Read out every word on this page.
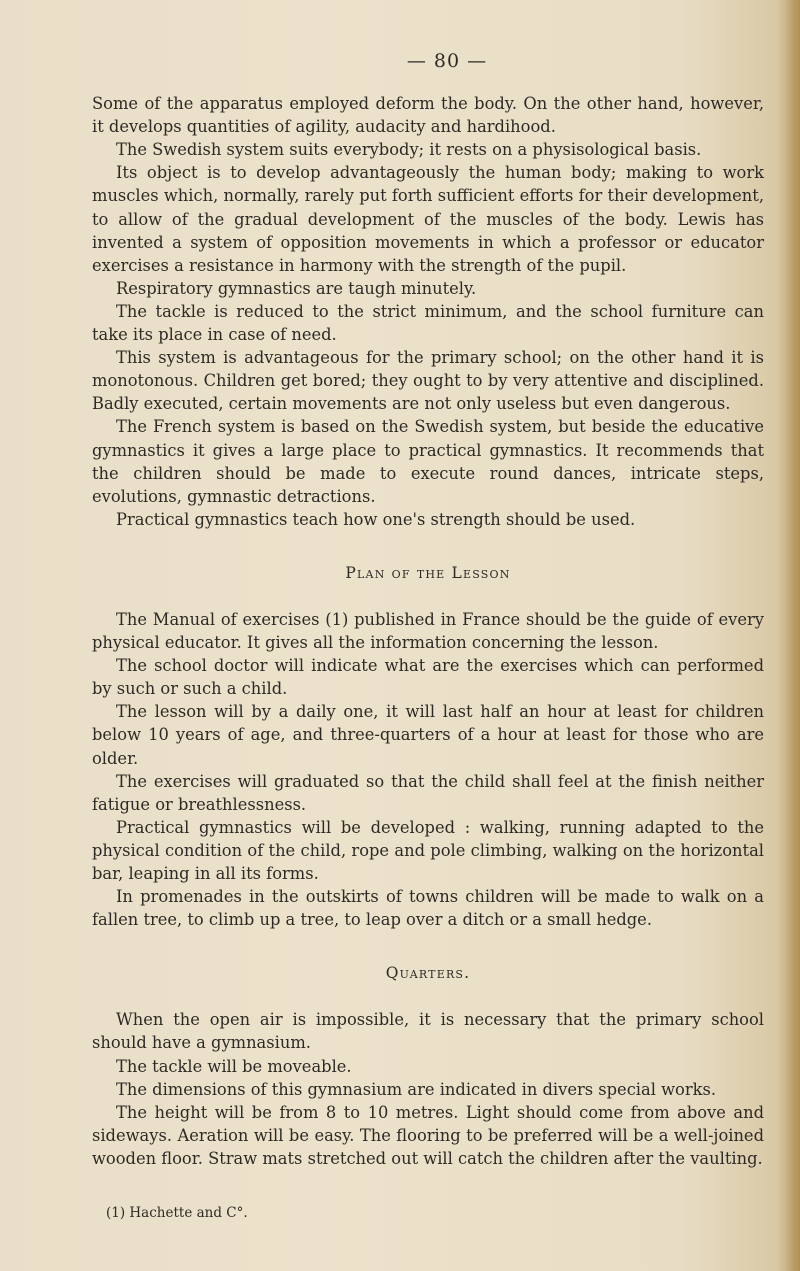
— 80 —

Some of the apparatus employed deform the body. On the other hand, however, it develops quantities of agility, audacity and hardihood.

The Swedish system suits everybody; it rests on a physisological basis.

Its object is to develop advantageously the human body; making to work muscles which, normally, rarely put forth sufficient efforts for their development, to allow of the gradual development of the muscles of the body. Lewis has invented a system of opposition movements in which a professor or educator exercises a resistance in harmony with the strength of the pupil.

Respiratory gymnastics are taugh minutely.

The tackle is reduced to the strict minimum, and the school furniture can take its place in case of need.

This system is advantageous for the primary school; on the other hand it is monotonous. Children get bored; they ought to by very attentive and disciplined. Badly executed, certain movements are not only useless but even dangerous.

The French system is based on the Swedish system, but beside the educative gymnastics it gives a large place to practical gymnastics. It recommends that the children should be made to execute round dances, intricate steps, evolutions, gymnastic detractions.

Practical gymnastics teach how one's strength should be used.

Plan of the Lesson

The Manual of exercises (1) published in France should be the guide of every physical educator. It gives all the information concerning the lesson.

The school doctor will indicate what are the exercises which can performed by such or such a child.

The lesson will by a daily one, it will last half an hour at least for children below 10 years of age, and three-quarters of a hour at least for those who are older.

The exercises will graduated so that the child shall feel at the finish neither fatigue or breathlessness.

Practical gymnastics will be developed : walking, running adapted to the physical condition of the child, rope and pole climbing, walking on the horizontal bar, leaping in all its forms.

In promenades in the outskirts of towns children will be made to walk on a fallen tree, to climb up a tree, to leap over a ditch or a small hedge.

Quarters.

When the open air is impossible, it is necessary that the primary school should have a gymnasium.

The tackle will be moveable.

The dimensions of this gymnasium are indicated in divers special works.

The height will be from 8 to 10 metres. Light should come from above and sideways. Aeration will be easy. The flooring to be preferred will be a well-joined wooden floor. Straw mats stretched out will catch the children after the vaulting.

(1) Hachette and C°.
